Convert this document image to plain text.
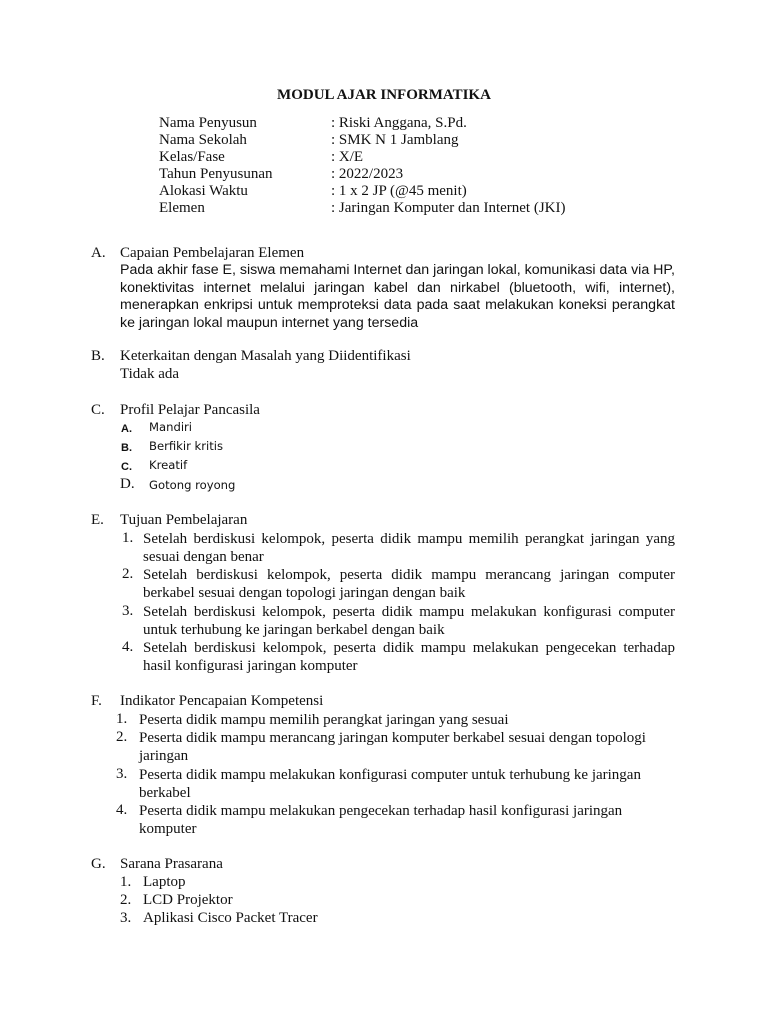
MODUL AJAR INFORMATIKA
Nama Penyusun	: Riski Anggana, S.Pd.
Nama Sekolah	: SMK N 1 Jamblang
Kelas/Fase	: X/E
Tahun Penyusunan	: 2022/2023
Alokasi Waktu	: 1 x 2 JP (@45 menit)
Elemen	: Jaringan Komputer dan Internet (JKI)
A. Capaian Pembelajaran Elemen
Pada akhir fase E, siswa memahami Internet dan jaringan lokal, komunikasi data via HP,
konektivitas internet melalui jaringan kabel dan nirkabel (bluetooth, wifi, internet),
menerapkan enkripsi untuk memproteksi data pada saat melakukan koneksi perangkat
ke jaringan lokal maupun internet yang tersedia
B. Keterkaitan dengan Masalah yang Diidentifikasi
Tidak ada
C. Profil Pelajar Pancasila
A. Mandiri
B. Berfikir kritis
C. Kreatif
D. Gotong royong
E. Tujuan Pembelajaran
1. Setelah berdiskusi kelompok, peserta didik mampu memilih perangkat jaringan yang
sesuai dengan benar
2. Setelah berdiskusi kelompok, peserta didik mampu merancang jaringan computer
berkabel sesuai dengan topologi jaringan dengan baik
3. Setelah berdiskusi kelompok, peserta didik mampu melakukan konfigurasi computer
untuk terhubung ke jaringan berkabel dengan baik
4. Setelah berdiskusi kelompok, peserta didik mampu melakukan pengecekan terhadap
hasil konfigurasi jaringan komputer
F. Indikator Pencapaian Kompetensi
1. Peserta didik mampu memilih perangkat jaringan yang sesuai
2. Peserta didik mampu merancang jaringan komputer berkabel sesuai dengan topologi
jaringan
3. Peserta didik mampu melakukan konfigurasi computer untuk terhubung ke jaringan
berkabel
4. Peserta didik mampu melakukan pengecekan terhadap hasil konfigurasi jaringan
komputer
G. Sarana Prasarana
1. Laptop
2. LCD Projektor
3. Aplikasi Cisco Packet Tracer
